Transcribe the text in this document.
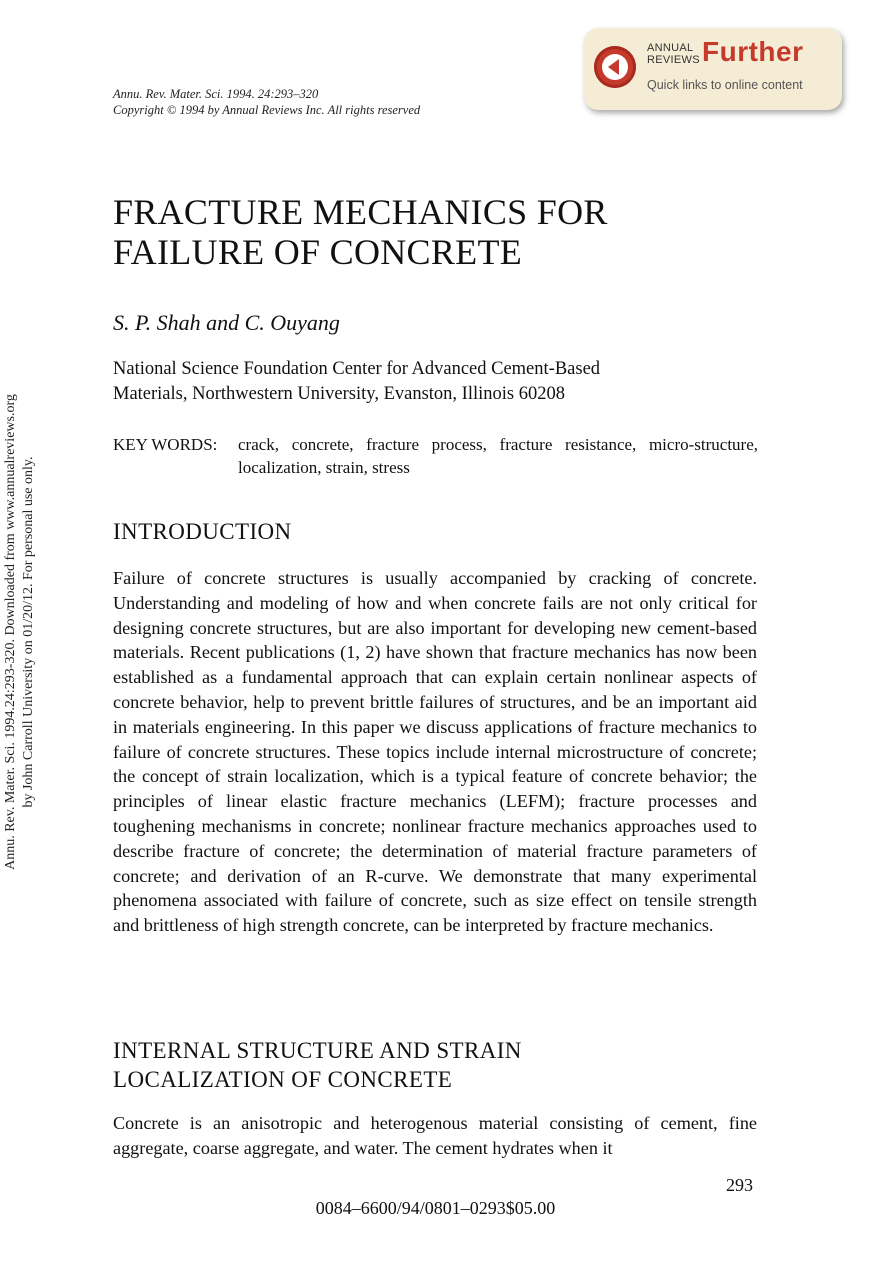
Annu. Rev. Mater. Sci. 1994. 24:293–320
Copyright © 1994 by Annual Reviews Inc. All rights reserved
ANNUAL
REVIEWS Further
Quick links to online content
Annu. Rev. Mater. Sci. 1994.24:293-320. Downloaded from www.annualreviews.org by John Carroll University on 01/20/12. For personal use only.
FRACTURE MECHANICS FOR
FAILURE OF CONCRETE
S. P. Shah and C. Ouyang
National Science Foundation Center for Advanced Cement-Based
Materials, Northwestern University, Evanston, Illinois 60208
KEY WORDS: crack, concrete, fracture process, fracture resistance, micro-structure, localization, strain, stress
INTRODUCTION
Failure of concrete structures is usually accompanied by cracking of concrete. Understanding and modeling of how and when concrete fails are not only critical for designing concrete structures, but are also important for developing new cement-based materials. Recent publications (1, 2) have shown that fracture mechanics has now been established as a fundamental approach that can explain certain nonlinear aspects of concrete behavior, help to prevent brittle failures of structures, and be an important aid in materials engineering. In this paper we discuss applications of fracture mechanics to failure of concrete structures. These topics include internal microstructure of concrete; the concept of strain localization, which is a typical feature of concrete behavior; the principles of linear elastic fracture mechanics (LEFM); fracture processes and toughening mechanisms in concrete; nonlinear fracture mechanics approaches used to describe fracture of concrete; the determination of material fracture parameters of concrete; and derivation of an R-curve. We demonstrate that many experimental phenomena associated with failure of concrete, such as size effect on tensile strength and brittleness of high strength concrete, can be interpreted by fracture mechanics.
INTERNAL STRUCTURE AND STRAIN
LOCALIZATION OF CONCRETE
Concrete is an anisotropic and heterogenous material consisting of cement, fine aggregate, coarse aggregate, and water. The cement hydrates when it
293
0084–6600/94/0801–0293$05.00
